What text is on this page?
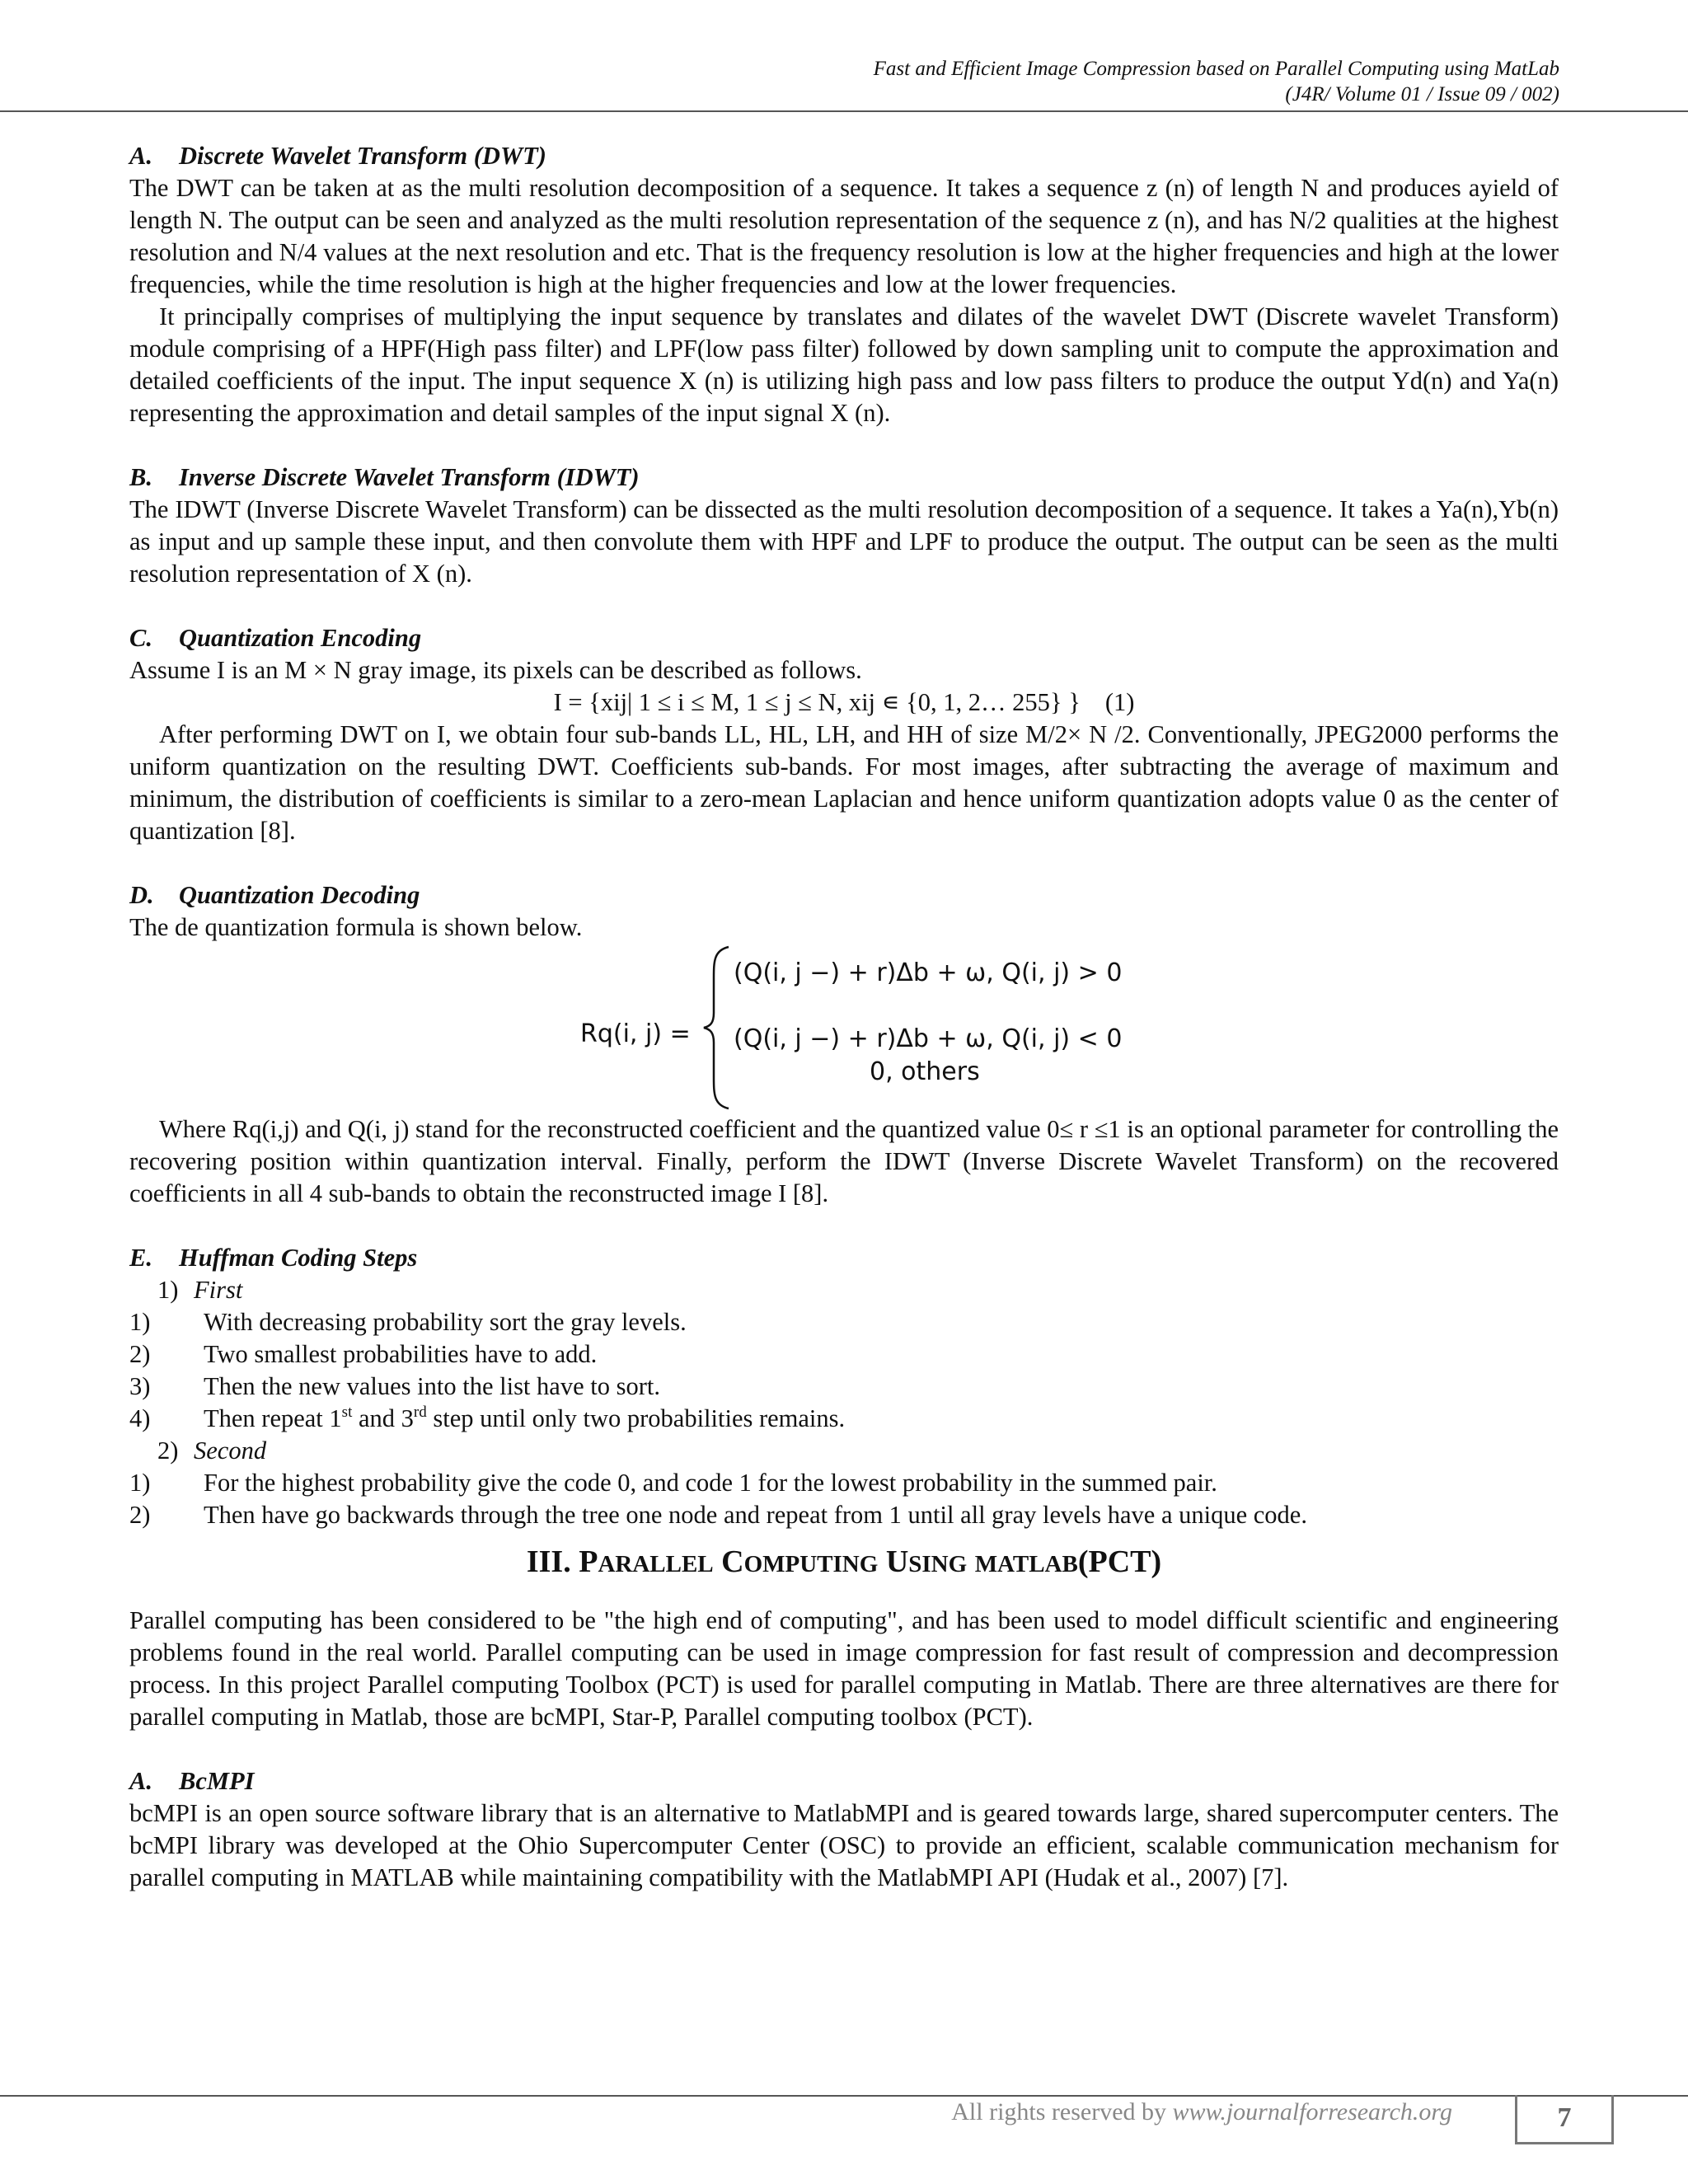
Fast and Efficient Image Compression based on Parallel Computing using MatLab
(J4R/ Volume 01 / Issue 09 / 002)
A. Discrete Wavelet Transform (DWT)

The DWT can be taken at as the multi resolution decomposition of a sequence. It takes a sequence z (n) of length N and produces ayield of length N. The output can be seen and analyzed as the multi resolution representation of the sequence z (n), and has N/2 qualities at the highest resolution and N/4 values at the next resolution and etc. That is the frequency resolution is low at the higher frequencies and high at the lower frequencies, while the time resolution is high at the higher frequencies and low at the lower frequencies.

It principally comprises of multiplying the input sequence by translates and dilates of the wavelet DWT (Discrete wavelet Transform) module comprising of a HPF(High pass filter) and LPF(low pass filter) followed by down sampling unit to compute the approximation and detailed coefficients of the input. The input sequence X (n) is utilizing high pass and low pass filters to produce the output Yd(n) and Ya(n) representing the approximation and detail samples of the input signal X (n).

B. Inverse Discrete Wavelet Transform (IDWT)

The IDWT (Inverse Discrete Wavelet Transform) can be dissected as the multi resolution decomposition of a sequence. It takes a Ya(n),Yb(n) as input and up sample these input, and then convolute them with HPF and LPF to produce the output. The output can be seen as the multi resolution representation of X (n).

C. Quantization Encoding

Assume I is an M × N gray image, its pixels can be described as follows.

I = {xij| 1 ≤ i ≤ M, 1 ≤ j ≤ N, xij ∊ {0, 1, 2… 255} } (1)

After performing DWT on I, we obtain four sub-bands LL, HL, LH, and HH of size M/2× N /2. Conventionally, JPEG2000 performs the uniform quantization on the resulting DWT. Coefficients sub-bands. For most images, after subtracting the average of maximum and minimum, the distribution of coefficients is similar to a zero-mean Laplacian and hence uniform quantization adopts value 0 as the center of quantization [8].

D. Quantization Decoding

The de quantization formula is shown below.

Rq(i, j) =
(Q(i, j −) + r)Δb + ω, Q(i, j) > 0
(Q(i, j −) + r)Δb + ω, Q(i, j) < 0
0, others

Where Rq(i,j) and Q(i, j) stand for the reconstructed coefficient and the quantized value 0≤ r ≤1 is an optional parameter for controlling the recovering position within quantization interval. Finally, perform the IDWT (Inverse Discrete Wavelet Transform) on the recovered coefficients in all 4 sub-bands to obtain the reconstructed image I [8].

E. Huffman Coding Steps
1) First
1)	With decreasing probability sort the gray levels.
2)	Two smallest probabilities have to add.
3)	Then the new values into the list have to sort.
4)	Then repeat 1st and 3rd step until only two probabilities remains.
2) Second
1)	For the highest probability give the code 0, and code 1 for the lowest probability in the summed pair.
2)	Then have go backwards through the tree one node and repeat from 1 until all gray levels have a unique code.
III. PARALLEL COMPUTING USING MATLAB(PCT)

Parallel computing has been considered to be "the high end of computing", and has been used to model difficult scientific and engineering problems found in the real world. Parallel computing can be used in image compression for fast result of compression and decompression process. In this project Parallel computing Toolbox (PCT) is used for parallel computing in Matlab. There are three alternatives are there for parallel computing in Matlab, those are bcMPI, Star-P, Parallel computing toolbox (PCT).

A. BcMPI

bcMPI is an open source software library that is an alternative to MatlabMPI and is geared towards large, shared supercomputer centers. The bcMPI library was developed at the Ohio Supercomputer Center (OSC) to provide an efficient, scalable communication mechanism for parallel computing in MATLAB while maintaining compatibility with the MatlabMPI API (Hudak et al., 2007) [7].

All rights reserved by www.journalforresearch.org	7
